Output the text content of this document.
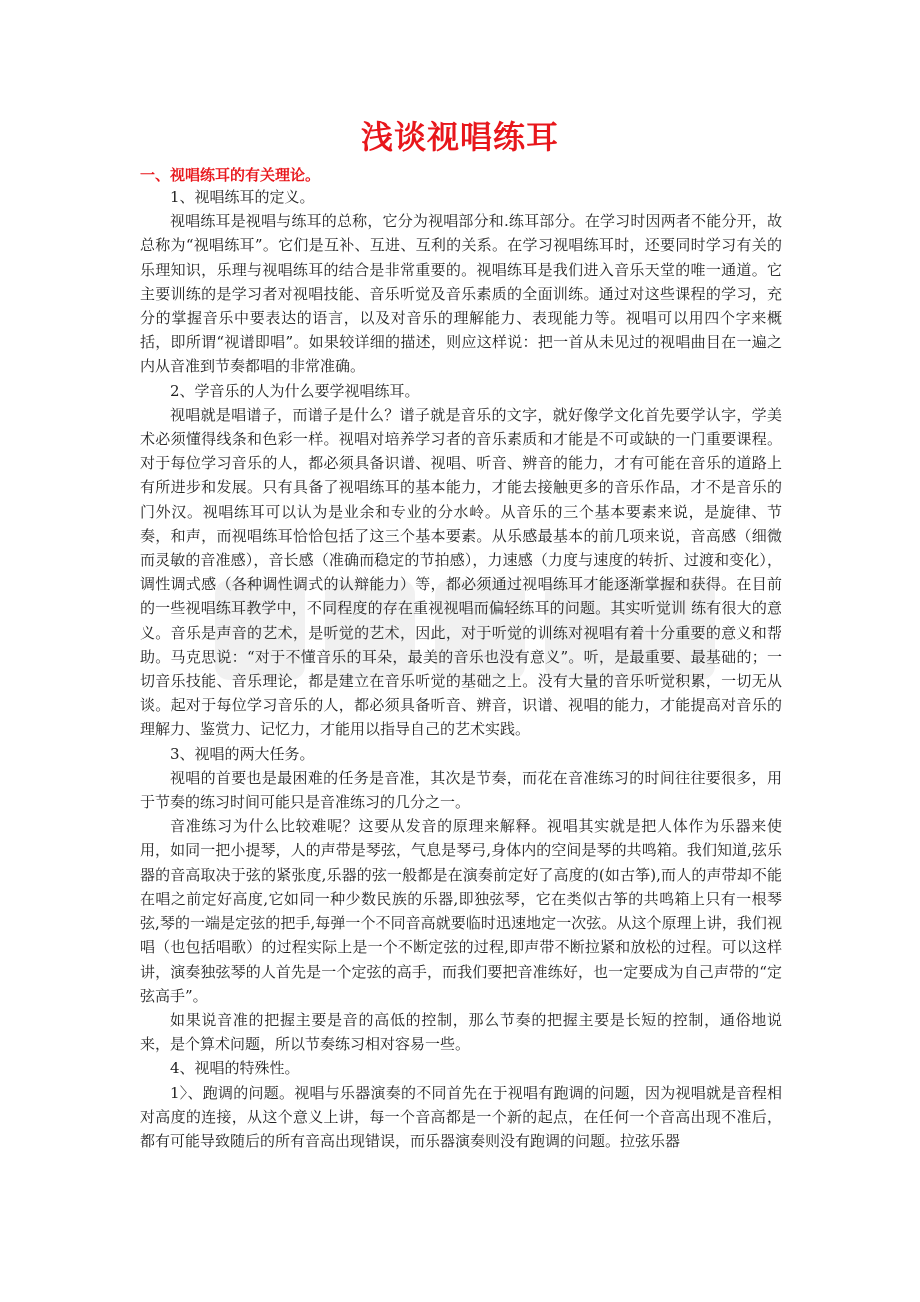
浅谈视唱练耳
一、视唱练耳的有关理论。

1、视唱练耳的定义。

视唱练耳是视唱与练耳的总称，它分为视唱部分和.练耳部分。在学习时因两者不能分开，故总称为“视唱练耳”。它们是互补、互进、互利的关系。在学习视唱练耳时，还要同时学习有关的乐理知识，乐理与视唱练耳的结合是非常重要的。视唱练耳是我们进入音乐天堂的唯一通道。它主要训练的是学习者对视唱技能、音乐听觉及音乐素质的全面训练。通过对这些课程的学习，充分的掌握音乐中要表达的语言，以及对音乐的理解能力、表现能力等。视唱可以用四个字来概括，即所谓“视谱即唱”。如果较详细的描述，则应这样说：把一首从未见过的视唱曲目在一遍之内从音准到节奏都唱的非常准确。

2、学音乐的人为什么要学视唱练耳。

视唱就是唱谱子，而谱子是什么？谱子就是音乐的文字，就好像学文化首先要学认字，学美术必须懂得线条和色彩一样。视唱对培养学习者的音乐素质和才能是不可或缺的一门重要课程。对于每位学习音乐的人，都必须具备识谱、视唱、听音、辨音的能力，才有可能在音乐的道路上有所进步和发展。只有具备了视唱练耳的基本能力，才能去接触更多的音乐作品，才不是音乐的门外汉。视唱练耳可以认为是业余和专业的分水岭。从音乐的三个基本要素来说，是旋律、节奏，和声，而视唱练耳恰恰包括了这三个基本要素。从乐感最基本的前几项来说，音高感（细微而灵敏的音准感），音长感（准确而稳定的节拍感），力速感（力度与速度的转折、过渡和变化），调性调式感（各种调性调式的认辩能力）等，都必须通过视唱练耳才能逐渐掌握和获得。在目前的一些视唱练耳教学中，不同程度的存在重视视唱而偏轻练耳的问题。其实听觉训 练有很大的意义。音乐是声音的艺术，是听觉的艺术，因此，对于听觉的训练对视唱有着十分重要的意义和帮助。马克思说：“对于不懂音乐的耳朵，最美的音乐也没有意义”。听，是最重要、最基础的；一切音乐技能、音乐理论，都是建立在音乐听觉的基础之上。没有大量的音乐听觉积累，一切无从谈。起对于每位学习音乐的人，都必须具备听音、辨音，识谱、视唱的能力，才能提高对音乐的理解力、鉴赏力、记忆力，才能用以指导自己的艺术实践。

3、视唱的两大任务。

视唱的首要也是最困难的任务是音准，其次是节奏，而花在音准练习的时间往往要很多，用于节奏的练习时间可能只是音准练习的几分之一。

音准练习为什么比较难呢？这要从发音的原理来解释。视唱其实就是把人体作为乐器来使用，如同一把小提琴，人的声带是琴弦，气息是琴弓,身体内的空间是琴的共鸣箱。我们知道,弦乐器的音高取决于弦的紧张度,乐器的弦一般都是在演奏前定好了高度的(如古筝),而人的声带却不能在唱之前定好高度,它如同一种少数民族的乐器,即独弦琴，它在类似古筝的共鸣箱上只有一根琴弦,琴的一端是定弦的把手,每弹一个不同音高就要临时迅速地定一次弦。从这个原理上讲，我们视唱（也包括唱歌）的过程实际上是一个不断定弦的过程,即声带不断拉紧和放松的过程。可以这样讲，演奏独弦琴的人首先是一个定弦的高手，而我们要把音准练好，也一定要成为自己声带的“定弦高手”。

如果说音准的把握主要是音的高低的控制，那么节奏的把握主要是长短的控制，通俗地说来，是个算术问题，所以节奏练习相对容易一些。

4、视唱的特殊性。

1〉、跑调的问题。视唱与乐器演奏的不同首先在于视唱有跑调的问题，因为视唱就是音程相对高度的连接，从这个意义上讲，每一个音高都是一个新的起点，在任何一个音高出现不准后，都有可能导致随后的所有音高出现错误，而乐器演奏则没有跑调的问题。拉弦乐器
